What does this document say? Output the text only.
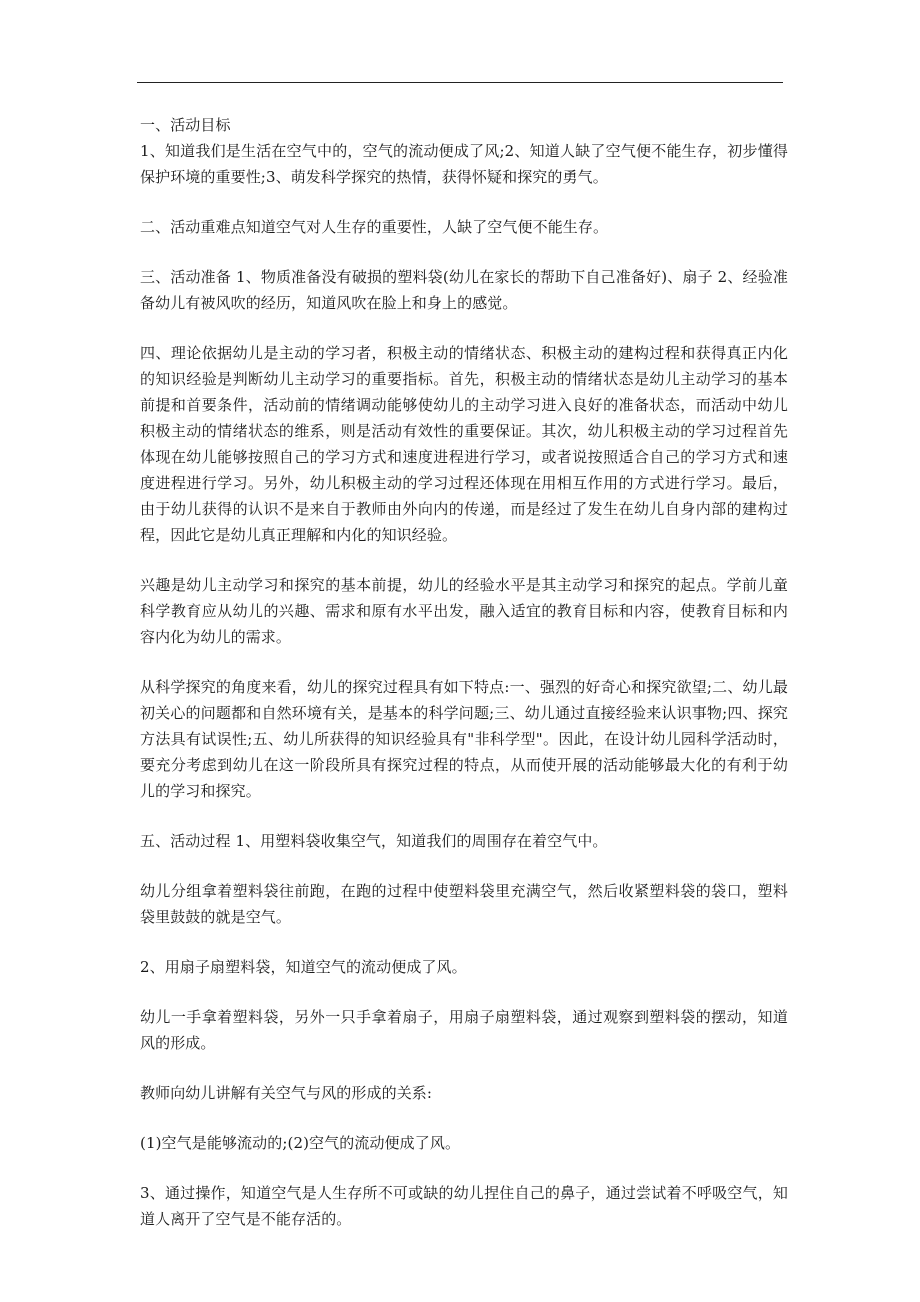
一、活动目标

1、知道我们是生活在空气中的，空气的流动便成了风;2、知道人缺了空气便不能生存，初步懂得保护环境的重要性;3、萌发科学探究的热情，获得怀疑和探究的勇气。

二、活动重难点知道空气对人生存的重要性，人缺了空气便不能生存。

三、活动准备 1、物质准备没有破损的塑料袋(幼儿在家长的帮助下自己准备好)、扇子 2、经验准备幼儿有被风吹的经历，知道风吹在脸上和身上的感觉。

四、理论依据幼儿是主动的学习者，积极主动的情绪状态、积极主动的建构过程和获得真正内化的知识经验是判断幼儿主动学习的重要指标。首先，积极主动的情绪状态是幼儿主动学习的基本前提和首要条件，活动前的情绪调动能够使幼儿的主动学习进入良好的准备状态，而活动中幼儿积极主动的情绪状态的维系，则是活动有效性的重要保证。其次，幼儿积极主动的学习过程首先体现在幼儿能够按照自己的学习方式和速度进程进行学习，或者说按照适合自己的学习方式和速度进程进行学习。另外，幼儿积极主动的学习过程还体现在用相互作用的方式进行学习。最后，由于幼儿获得的认识不是来自于教师由外向内的传递，而是经过了发生在幼儿自身内部的建构过程，因此它是幼儿真正理解和内化的知识经验。

兴趣是幼儿主动学习和探究的基本前提，幼儿的经验水平是其主动学习和探究的起点。学前儿童科学教育应从幼儿的兴趣、需求和原有水平出发，融入适宜的教育目标和内容，使教育目标和内容内化为幼儿的需求。

从科学探究的角度来看，幼儿的探究过程具有如下特点:一、强烈的好奇心和探究欲望;二、幼儿最初关心的问题都和自然环境有关，是基本的科学问题;三、幼儿通过直接经验来认识事物;四、探究方法具有试误性;五、幼儿所获得的知识经验具有"非科学型"。因此，在设计幼儿园科学活动时，要充分考虑到幼儿在这一阶段所具有探究过程的特点，从而使开展的活动能够最大化的有利于幼儿的学习和探究。

五、活动过程 1、用塑料袋收集空气，知道我们的周围存在着空气中。

幼儿分组拿着塑料袋往前跑，在跑的过程中使塑料袋里充满空气，然后收紧塑料袋的袋口，塑料袋里鼓鼓的就是空气。

2、用扇子扇塑料袋，知道空气的流动便成了风。

幼儿一手拿着塑料袋，另外一只手拿着扇子，用扇子扇塑料袋，通过观察到塑料袋的摆动，知道风的形成。

教师向幼儿讲解有关空气与风的形成的关系:

(1)空气是能够流动的;(2)空气的流动便成了风。

3、通过操作，知道空气是人生存所不可或缺的幼儿捏住自己的鼻子，通过尝试着不呼吸空气，知道人离开了空气是不能存活的。
